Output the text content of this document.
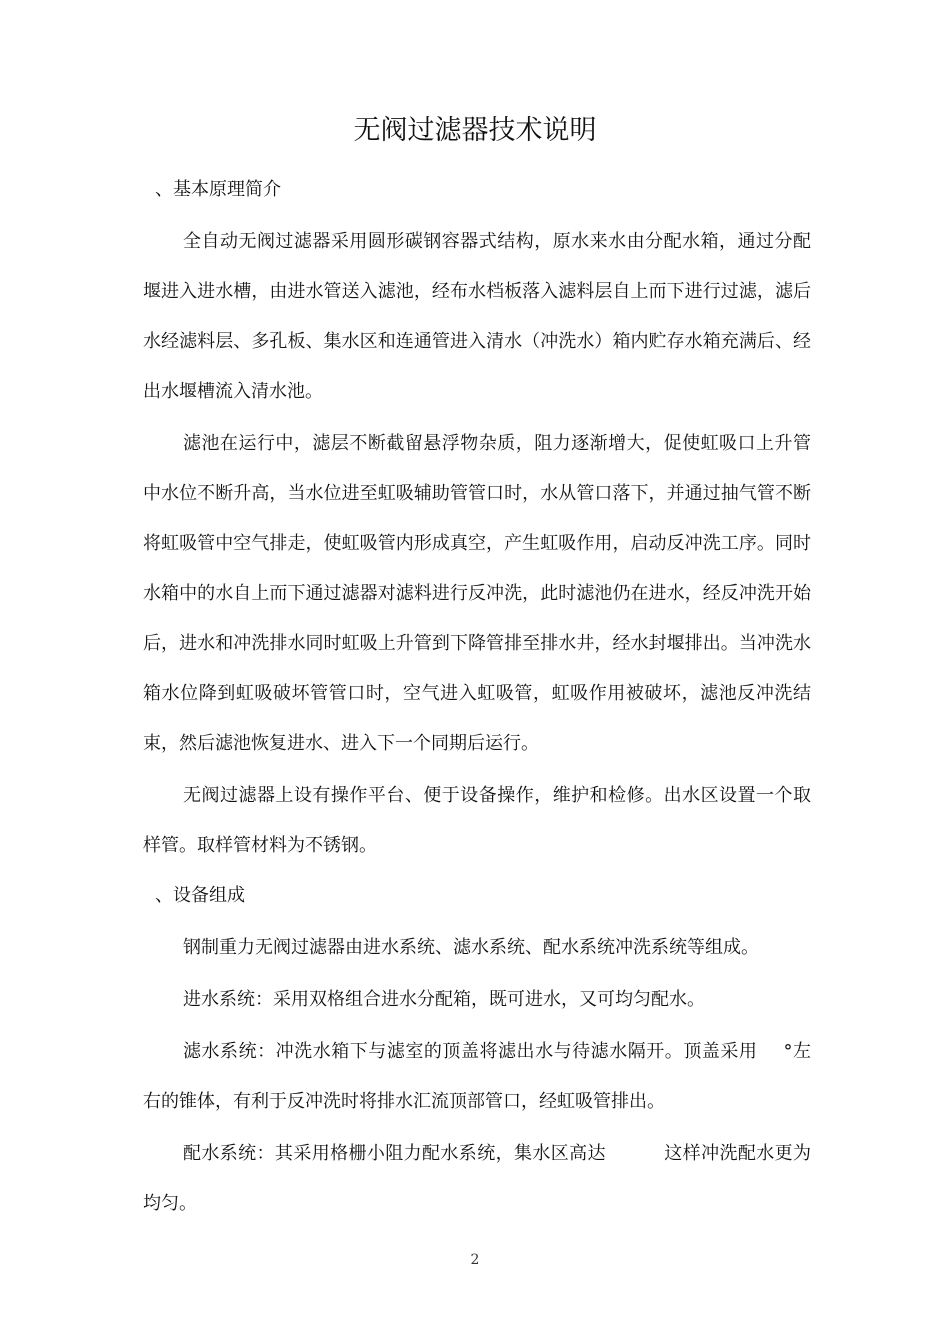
无阀过滤器技术说明

、基本原理简介

全自动无阀过滤器采用圆形碳钢容器式结构，原水来水由分配水箱，通过分配堰进入进水槽，由进水管送入滤池，经布水档板落入滤料层自上而下进行过滤，滤后水经滤料层、多孔板、集水区和连通管进入清水（冲洗水）箱内贮存水箱充满后、经出水堰槽流入清水池。

滤池在运行中，滤层不断截留悬浮物杂质，阻力逐渐增大，促使虹吸口上升管中水位不断升高，当水位进至虹吸辅助管管口时，水从管口落下，并通过抽气管不断将虹吸管中空气排走，使虹吸管内形成真空，产生虹吸作用，启动反冲洗工序。同时水箱中的水自上而下通过滤器对滤料进行反冲洗，此时滤池仍在进水，经反冲洗开始后，进水和冲洗排水同时虹吸上升管到下降管排至排水井，经水封堰排出。当冲洗水箱水位降到虹吸破坏管管口时，空气进入虹吸管，虹吸作用被破坏，滤池反冲洗结束，然后滤池恢复进水、进入下一个同期后运行。

无阀过滤器上设有操作平台、便于设备操作，维护和检修。出水区设置一个取样管。取样管材料为不锈钢。

、设备组成

钢制重力无阀过滤器由进水系统、滤水系统、配水系统冲洗系统等组成。

进水系统：采用双格组合进水分配箱，既可进水，又可均匀配水。

滤水系统：冲洗水箱下与滤室的顶盖将滤出水与待滤水隔开。顶盖采用 °左右的锥体，有利于反冲洗时将排水汇流顶部管口，经虹吸管排出。

配水系统：其采用格栅小阻力配水系统，集水区高达	这样冲洗配水更为均匀。

2
